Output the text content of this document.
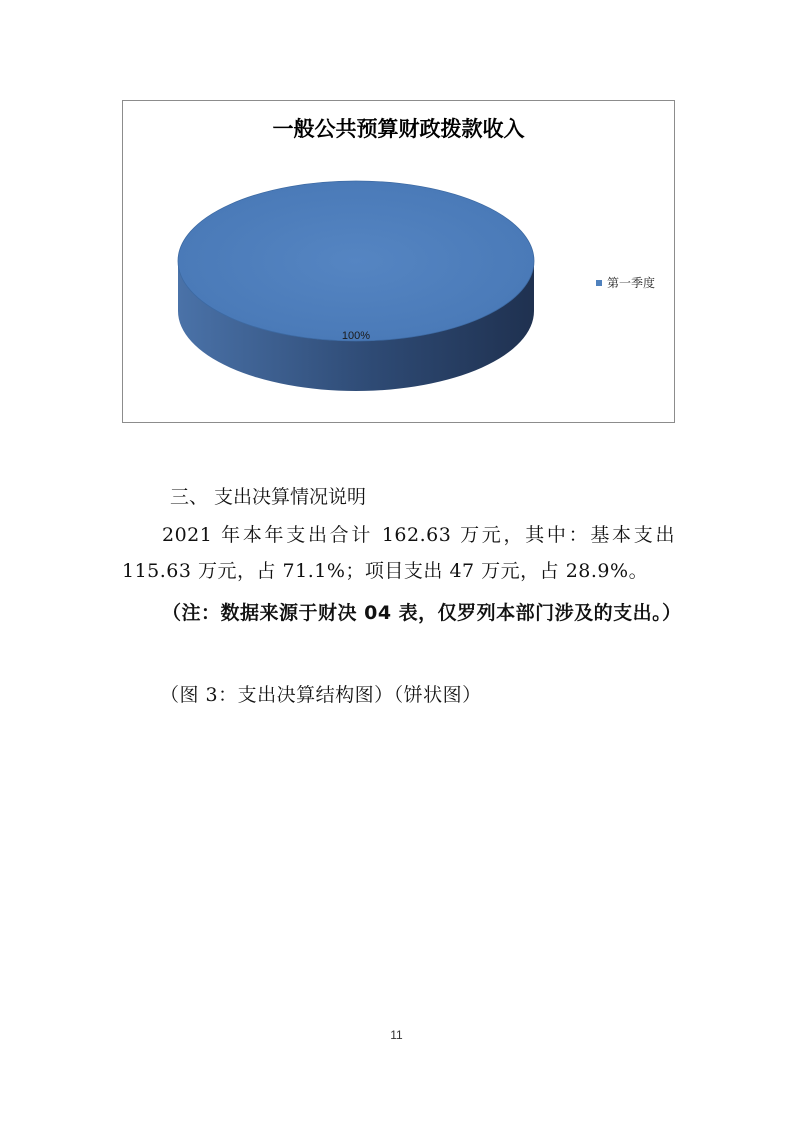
100%
一般公共预算财政拨款收入
第一季度
三、 支出决算情况说明
2021 年本年支出合计 162.63 万元，其中：基本支出 115.63 万元，占 71.1%；项目支出 47 万元，占 28.9%。
（注：数据来源于财决 04 表，仅罗列本部门涉及的支出。）
（图 3：支出决算结构图）（饼状图）
11
